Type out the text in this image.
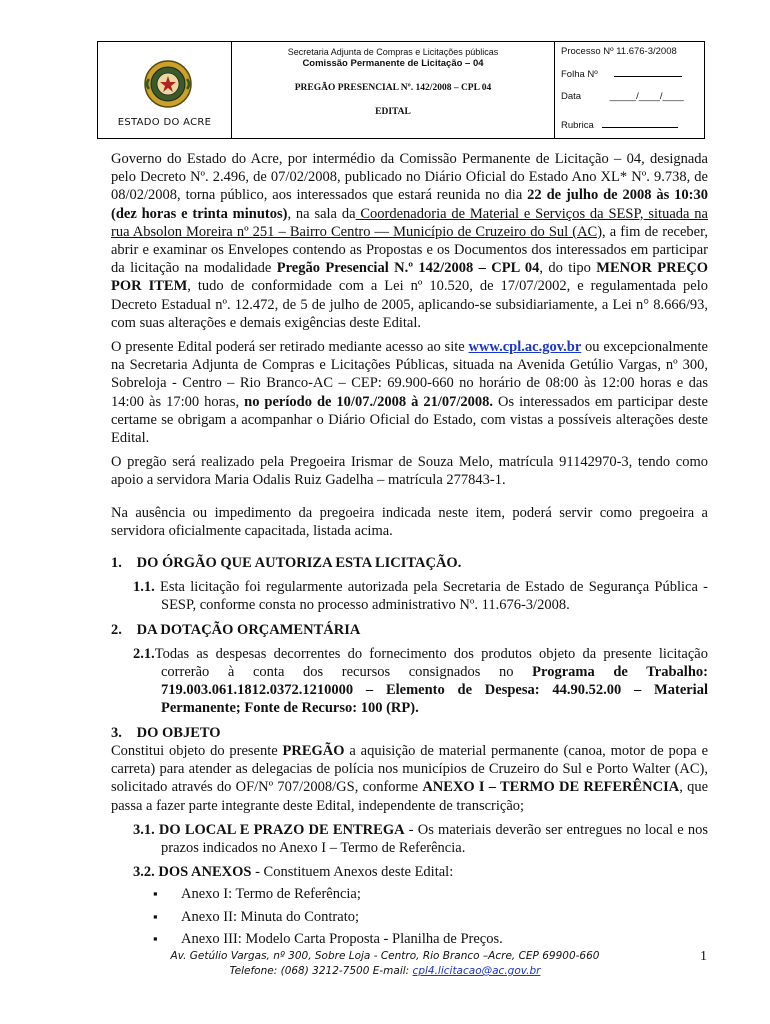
ESTADO DO ACRE
Secretaria Adjunta de Compras e Licitações públicas
Comissão Permanente de Licitação – 04
PREGÃO PRESENCIAL Nº. 142/2008 – CPL 04
EDITAL
Processo Nº 11.676-3/2008
Folha Nº
Data	_____/____/____
Rubrica

Governo do Estado do Acre, por intermédio da Comissão Permanente de Licitação – 04, designada pelo Decreto Nº. 2.496, de 07/02/2008, publicado no Diário Oficial do Estado Ano XL* Nº. 9.738, de 08/02/2008, torna público, aos interessados que estará reunida no dia 22 de julho de 2008 às 10:30 (dez horas e trinta minutos), na sala da Coordenadoria de Material e Serviços da SESP, situada na rua Absolon Moreira nº 251 – Bairro Centro — Município de Cruzeiro do Sul (AC), a fim de receber, abrir e examinar os Envelopes contendo as Propostas e os Documentos dos interessados em participar da licitação na modalidade Pregão Presencial N.º 142/2008 – CPL 04, do tipo MENOR PREÇO POR ITEM, tudo de conformidade com a Lei nº 10.520, de 17/07/2002, e regulamentada pelo Decreto Estadual nº. 12.472, de 5 de julho de 2005, aplicando-se subsidiariamente, a Lei n° 8.666/93, com suas alterações e demais exigências deste Edital.

O presente Edital poderá ser retirado mediante acesso ao site www.cpl.ac.gov.br ou excepcionalmente na Secretaria Adjunta de Compras e Licitações Públicas, situada na Avenida Getúlio Vargas, nº 300, Sobreloja - Centro – Rio Branco-AC – CEP: 69.900-660 no horário de 08:00 às 12:00 horas e das 14:00 às 17:00 horas, no período de 10/07./2008 à 21/07/2008. Os interessados em participar deste certame se obrigam a acompanhar o Diário Oficial do Estado, com vistas a possíveis alterações deste Edital.

O pregão será realizado pela Pregoeira Irismar de Souza Melo, matrícula 91142970-3, tendo como apoio a servidora Maria Odalis Ruiz Gadelha – matrícula 277843-1.

Na ausência ou impedimento da pregoeira indicada neste item, poderá servir como pregoeira a servidora oficialmente capacitada, listada acima.

1. DO ÓRGÃO QUE AUTORIZA ESTA LICITAÇÃO.

1.1. Esta licitação foi regularmente autorizada pela Secretaria de Estado de Segurança Pública - SESP, conforme consta no processo administrativo Nº. 11.676-3/2008.

2. DA DOTAÇÃO ORÇAMENTÁRIA

2.1.Todas as despesas decorrentes do fornecimento dos produtos objeto da presente licitação correrão à conta dos recursos consignados no Programa de Trabalho: 719.003.061.1812.0372.1210000 – Elemento de Despesa: 44.90.52.00 – Material Permanente; Fonte de Recurso: 100 (RP).

3. DO OBJETO

Constitui objeto do presente PREGÃO a aquisição de material permanente (canoa, motor de popa e carreta) para atender as delegacias de polícia nos municípios de Cruzeiro do Sul e Porto Walter (AC), solicitado através do OF/Nº 707/2008/GS, conforme ANEXO I – TERMO DE REFERÊNCIA, que passa a fazer parte integrante deste Edital, independente de transcrição;

3.1. DO LOCAL E PRAZO DE ENTREGA - Os materiais deverão ser entregues no local e nos prazos indicados no Anexo I – Termo de Referência.

3.2. DOS ANEXOS - Constituem Anexos deste Edital:

▪ Anexo I: Termo de Referência;
▪ Anexo II: Minuta do Contrato;
▪ Anexo III: Modelo Carta Proposta - Planilha de Preços.
Av. Getúlio Vargas, nº 300, Sobre Loja - Centro, Rio Branco –Acre, CEP 69900-660
Telefone: (068) 3212-7500 E-mail: cpl4.licitacao@ac.gov.br
1
